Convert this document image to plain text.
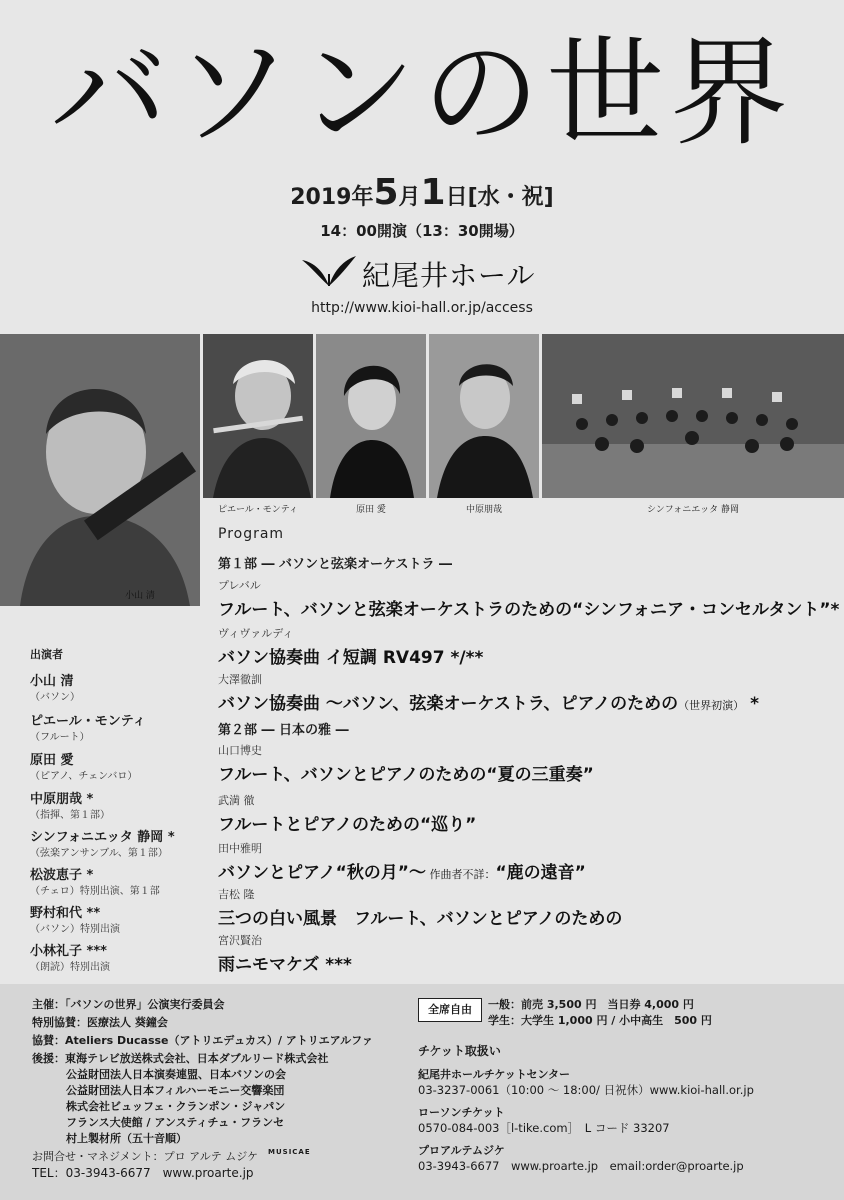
バソンの世界
2019年5月1日[水・祝]
14：00開演（13：30開場）
紀尾井ホール
http://www.kioi-hall.or.jp/access
小山 清
ピエール・モンティ	原田 愛	中原朋哉	シンフォニエッタ 静岡
Program
第１部 ― バソンと弦楽オーケストラ ―
プレバル
フルート、バソンと弦楽オーケストラのための“シンフォニア・コンセルタント”*
ヴィヴァルディ
バソン協奏曲 イ短調 RV497 */**
大澤徹訓
バソン協奏曲 ～バソン、弦楽オーケストラ、ピアノのための（世界初演） *
第２部 ― 日本の雅 ―
山口博史
フルート、バソンとピアノのための“夏の三重奏”
武満 徹
フルートとピアノのための“巡り”
田中雅明
バソンとピアノ“秋の月”～ 作曲者不詳：“鹿の遠音”
吉松 隆
三つの白い風景　フルート、バソンとピアノのための
宮沢賢治
雨ニモマケズ ***
出演者
小山 清
（バソン）
ピエール・モンティ
（フルート）
原田 愛
（ピアノ、チェンバロ）
中原朋哉 *
（指揮、第１部）
シンフォニエッタ 静岡 *
（弦楽アンサンブル、第１部）
松波恵子 *
（チェロ）特別出演、第１部
野村和代 **
（バソン）特別出演
小林礼子 ***
（朗読）特別出演
主催：「バソンの世界」公演実行委員会
特別協賛：医療法人 葵鐘会
協賛：Ateliers Ducasse（アトリエデュカス）/ アトリエアルファ
後援：東海テレビ放送株式会社、日本ダブルリード株式会社
公益財団法人日本演奏連盟、日本バソンの会
公益財団法人日本フィルハーモニー交響楽団
株式会社ビュッフェ・クランポン・ジャパン
フランス大使館 / アンスティチュ・フランセ
村上製材所（五十音順）
お問合せ・マネジメント：プロ アルテ ムジケ
TEL：03-3943-6677　www.proarte.jp
MUSICAE
全席自由	一般：前売 3,500 円　当日券 4,000 円
学生：大学生 1,000 円 / 小中高生　500 円
チケット取扱い
紀尾井ホールチケットセンター
03-3237-0061（10:00 ～ 18:00/ 日祝休）www.kioi-hall.or.jp
ローソンチケット
0570-084-003［l-tike.com］　L コード 33207
プロアルテムジケ
03-3943-6677　www.proarte.jp　email:order@proarte.jp
